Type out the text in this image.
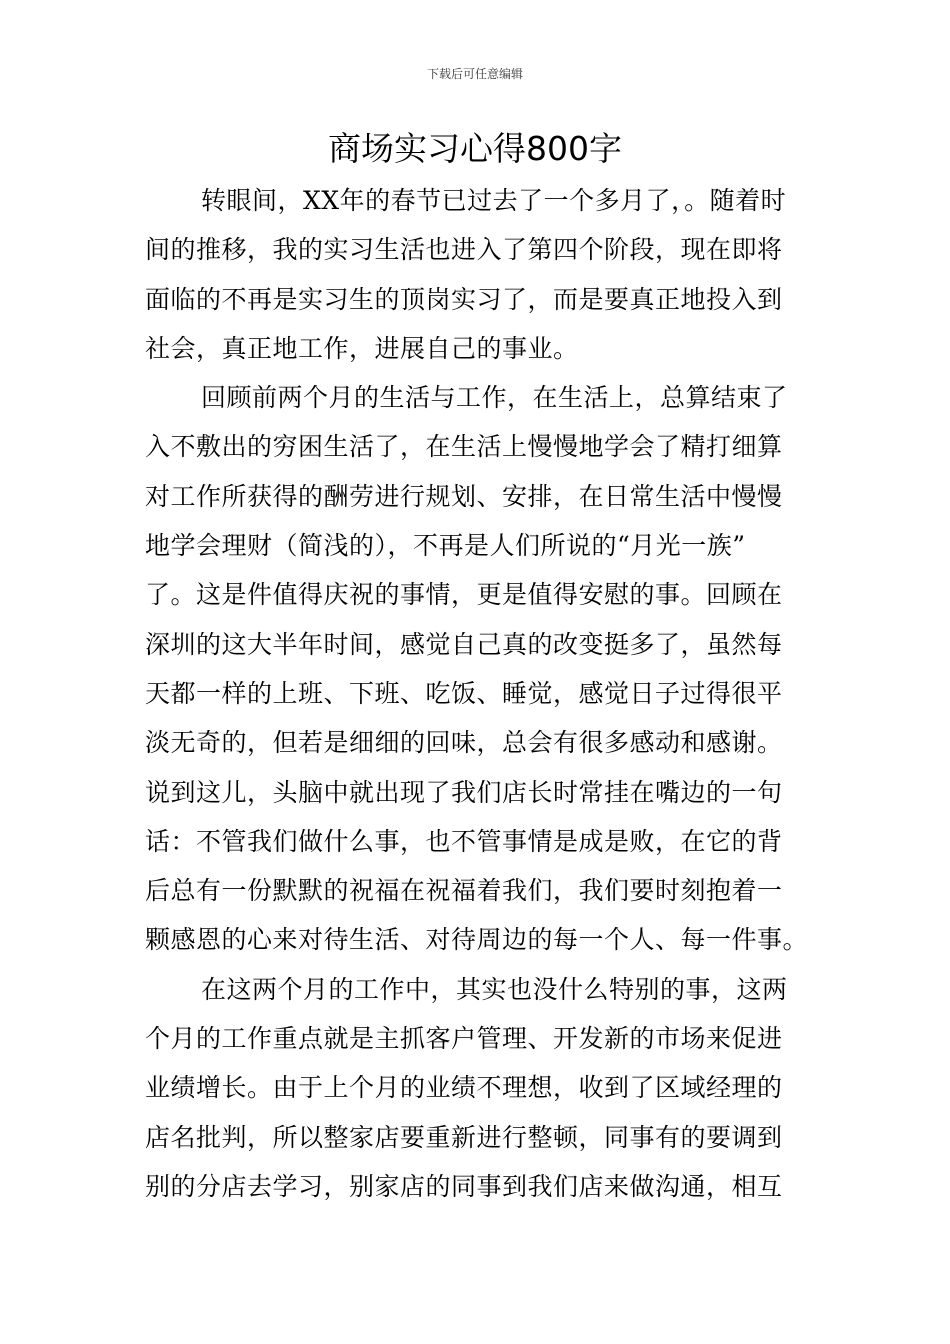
下载后可任意编辑
商场实习心得800字

转眼间，XX年的春节已过去了一个多月了，。随着时
间的推移，我的实习生活也进入了第四个阶段，现在即将
面临的不再是实习生的顶岗实习了，而是要真正地投入到
社会，真正地工作，进展自己的事业。

回顾前两个月的生活与工作，在生活上，总算结束了
入不敷出的穷困生活了，在生活上慢慢地学会了精打细算
对工作所获得的酬劳进行规划、安排，在日常生活中慢慢
地学会理财（简浅的），不再是人们所说的“月光一族”
了。这是件值得庆祝的事情，更是值得安慰的事。回顾在
深圳的这大半年时间，感觉自己真的改变挺多了，虽然每
天都一样的上班、下班、吃饭、睡觉，感觉日子过得很平
淡无奇的，但若是细细的回味，总会有很多感动和感谢。
说到这儿，头脑中就出现了我们店长时常挂在嘴边的一句
话：不管我们做什么事，也不管事情是成是败，在它的背
后总有一份默默的祝福在祝福着我们，我们要时刻抱着一
颗感恩的心来对待生活、对待周边的每一个人、每一件事。

在这两个月的工作中，其实也没什么特别的事，这两
个月的工作重点就是主抓客户管理、开发新的市场来促进
业绩增长。由于上个月的业绩不理想，收到了区域经理的
店名批判，所以整家店要重新进行整顿，同事有的要调到
别的分店去学习，别家店的同事到我们店来做沟通，相互
